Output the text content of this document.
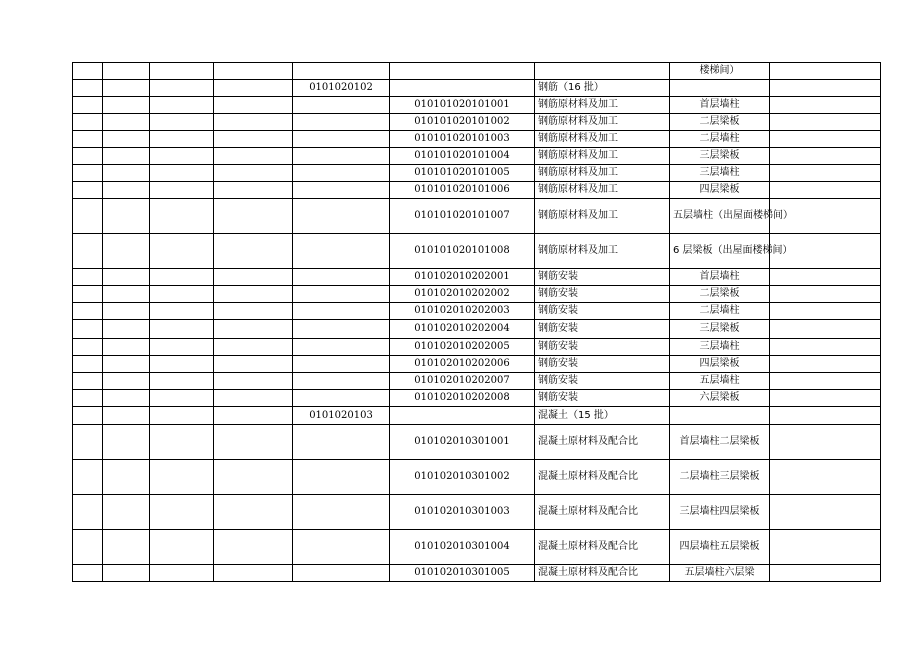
							楼梯间）	
				0101020102		钢筋（16 批）		
					010101020101001	钢筋原材料及加工	首层墙柱	
					010101020101002	钢筋原材料及加工	二层梁板	
					010101020101003	钢筋原材料及加工	二层墙柱	
					010101020101004	钢筋原材料及加工	三层梁板	
					010101020101005	钢筋原材料及加工	三层墙柱	
					010101020101006	钢筋原材料及加工	四层梁板	
					010101020101007	钢筋原材料及加工	五层墙柱（出屋面楼梯间）	
					010101020101008	钢筋原材料及加工	6 层梁板（出屋面楼梯间）	
					010102010202001	钢筋安装	首层墙柱	
					010102010202002	钢筋安装	二层梁板	
					010102010202003	钢筋安装	二层墙柱	
					010102010202004	钢筋安装	三层梁板	
					010102010202005	钢筋安装	三层墙柱	
					010102010202006	钢筋安装	四层梁板	
					010102010202007	钢筋安装	五层墙柱	
					010102010202008	钢筋安装	六层梁板	
				0101020103		混凝土（15 批）		
					010102010301001	混凝土原材料及配合比	首层墙柱二层梁板	
					010102010301002	混凝土原材料及配合比	二层墙柱三层梁板	
					010102010301003	混凝土原材料及配合比	三层墙柱四层梁板	
					010102010301004	混凝土原材料及配合比	四层墙柱五层梁板	
					010102010301005	混凝土原材料及配合比	五层墙柱六层梁	
